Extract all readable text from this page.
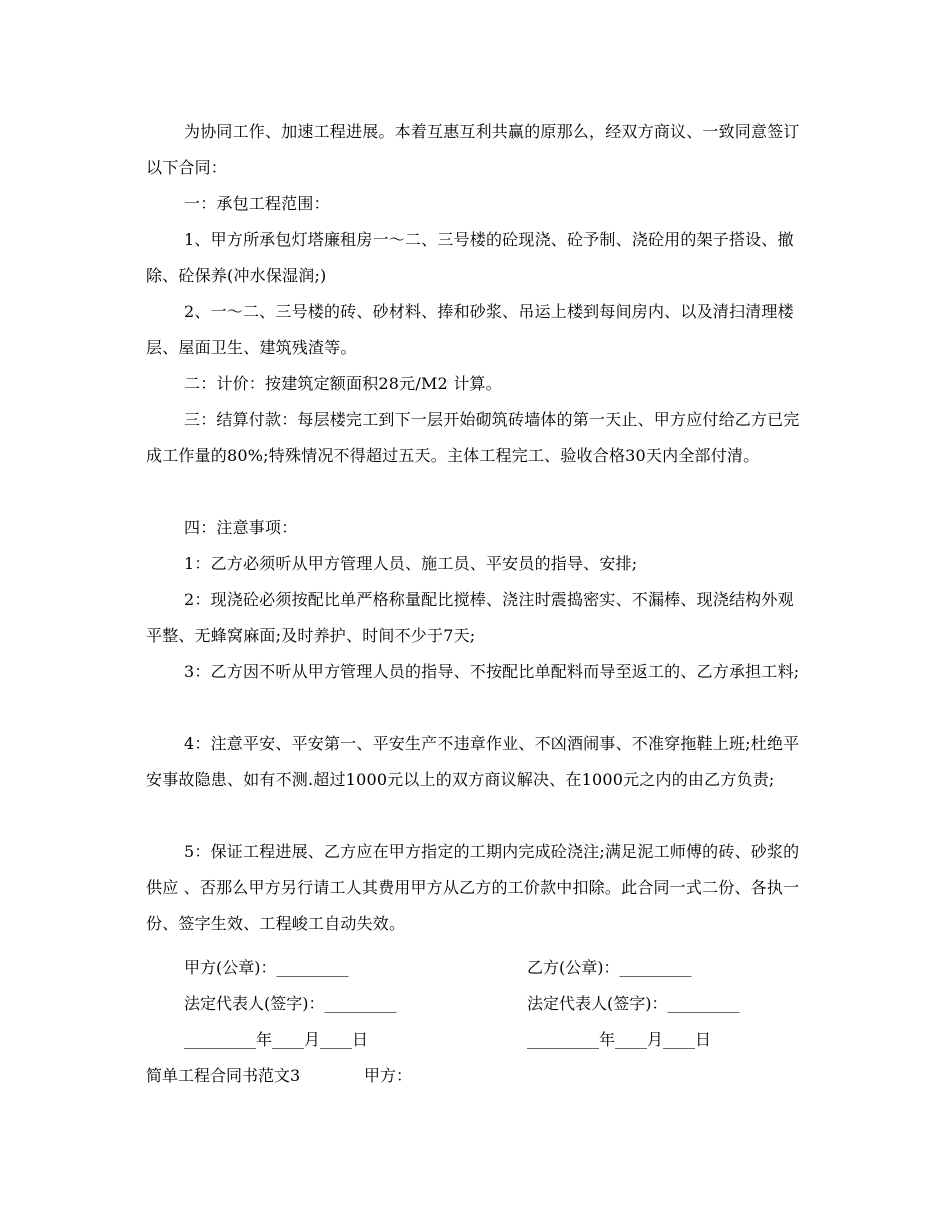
为协同工作、加速工程进展。本着互惠互利共赢的原那么，经双方商议、一致同意签订以下合同：

一：承包工程范围：

1、甲方所承包灯塔廉租房一～二、三号楼的砼现浇、砼予制、浇砼用的架子搭设、撤除、砼保养(冲水保湿润;)

2、一～二、三号楼的砖、砂材料、捧和砂浆、吊运上楼到每间房内、以及清扫清理楼层、屋面卫生、建筑残渣等。

二：计价：按建筑定额面积28元/M2 计算。

三：结算付款：每层楼完工到下一层开始砌筑砖墙体的第一天止、甲方应付给乙方已完成工作量的80%;特殊情况不得超过五天。主体工程完工、验收合格30天内全部付清。

四：注意事项：

1：乙方必须听从甲方管理人员、施工员、平安员的指导、安排;

2：现浇砼必须按配比单严格称量配比搅棒、浇注时震捣密实、不漏棒、现浇结构外观平整、无蜂窝麻面;及时养护、时间不少于7天;

3：乙方因不听从甲方管理人员的指导、不按配比单配料而导至返工的、乙方承担工料;

4：注意平安、平安第一、平安生产不违章作业、不凶酒闹事、不准穿拖鞋上班;杜绝平安事故隐患、如有不测.超过1000元以上的双方商议解决、在1000元之内的由乙方负责;

5：保证工程进展、乙方应在甲方指定的工期内完成砼浇注;满足泥工师傅的砖、砂浆的供应 、否那么甲方另行请工人其费用甲方从乙方的工价款中扣除。此合同一式二份、各执一份、签字生效、工程峻工自动失效。

甲方(公章)：_________	乙方(公章)：_________
法定代表人(签字)：_________	法定代表人(签字)：_________
_________年____月____日	_________年____月____日
简单工程合同书范文3	甲方：
